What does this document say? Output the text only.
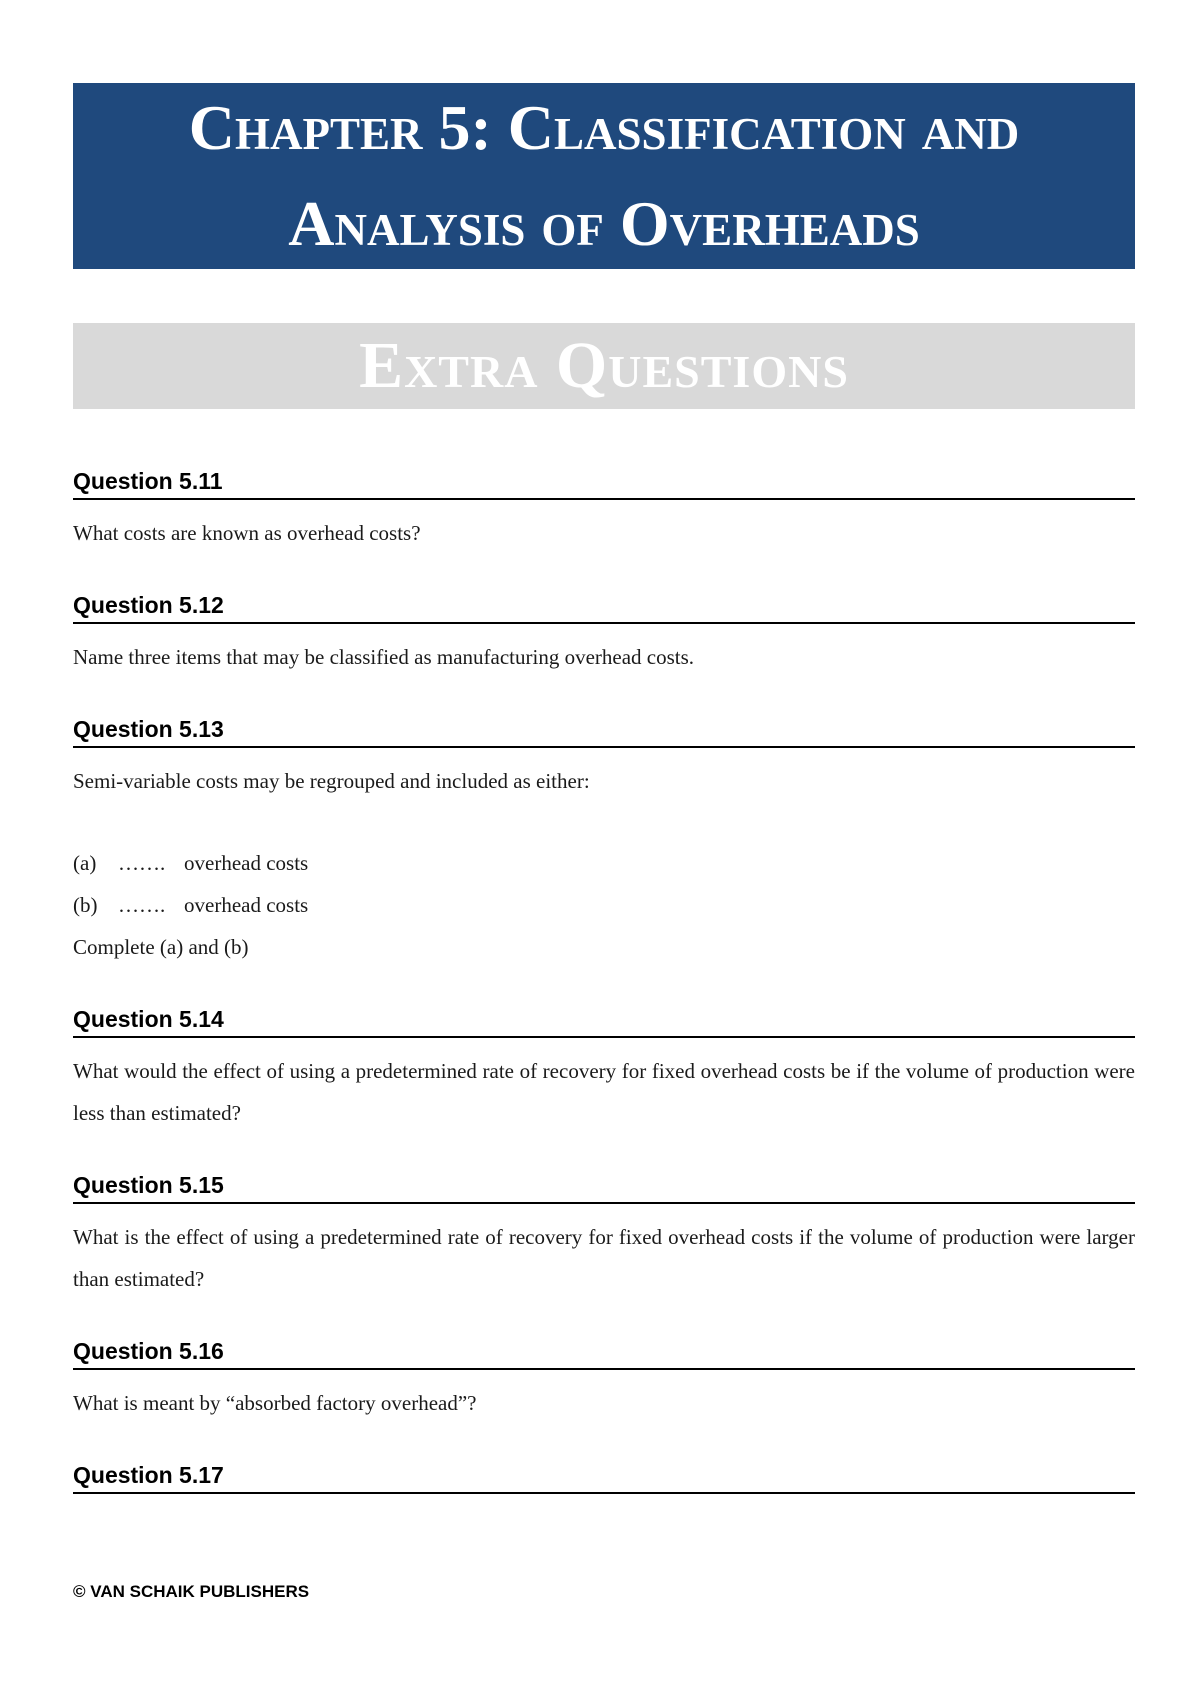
Chapter 5: Classification and
Analysis of Overheads
Extra Questions
Question 5.11
What costs are known as overhead costs?
Question 5.12
Name three items that may be classified as manufacturing overhead costs.
Question 5.13
Semi-variable costs may be regrouped and included as either:
(a) ……. overhead costs
(b) ……. overhead costs
Complete (a) and (b)
Question 5.14
What would the effect of using a predetermined rate of recovery for fixed overhead costs be if the volume of production were less than estimated?
Question 5.15
What is the effect of using a predetermined rate of recovery for fixed overhead costs if the volume of production were larger than estimated?
Question 5.16
What is meant by “absorbed factory overhead”?
Question 5.17
© VAN SCHAIK PUBLISHERS
